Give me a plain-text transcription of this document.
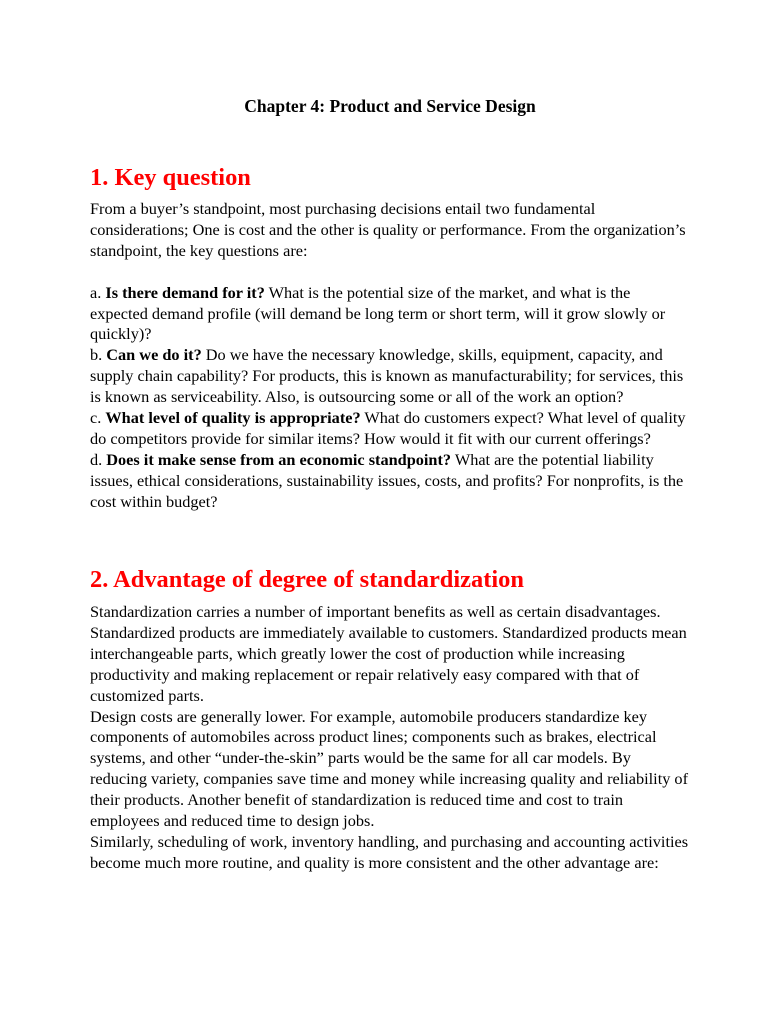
Chapter 4: Product and Service Design
1. Key question

From a buyer’s standpoint, most purchasing decisions entail two fundamental considerations; One is cost and the other is quality or performance. From the organization’s standpoint, the key questions are:

a. Is there demand for it? What is the potential size of the market, and what is the expected demand profile (will demand be long term or short term, will it grow slowly or quickly)?

b. Can we do it? Do we have the necessary knowledge, skills, equipment, capacity, and supply chain capability? For products, this is known as manufacturability; for services, this is known as serviceability. Also, is outsourcing some or all of the work an option?

c. What level of quality is appropriate? What do customers expect? What level of quality do competitors provide for similar items? How would it fit with our current offerings?

d. Does it make sense from an economic standpoint? What are the potential liability issues, ethical considerations, sustainability issues, costs, and profits? For nonprofits, is the cost within budget?

2. Advantage of degree of standardization

Standardization carries a number of important benefits as well as certain disadvantages.

Standardized products are immediately available to customers. Standardized products mean interchangeable parts, which greatly lower the cost of production while increasing productivity and making replacement or repair relatively easy compared with that of customized parts.

Design costs are generally lower. For example, automobile producers standardize key components of automobiles across product lines; components such as brakes, electrical systems, and other “under-the-skin” parts would be the same for all car models. By reducing variety, companies save time and money while increasing quality and reliability of their products. Another benefit of standardization is reduced time and cost to train employees and reduced time to design jobs.

Similarly, scheduling of work, inventory handling, and purchasing and accounting activities become much more routine, and quality is more consistent and the other advantage are:
